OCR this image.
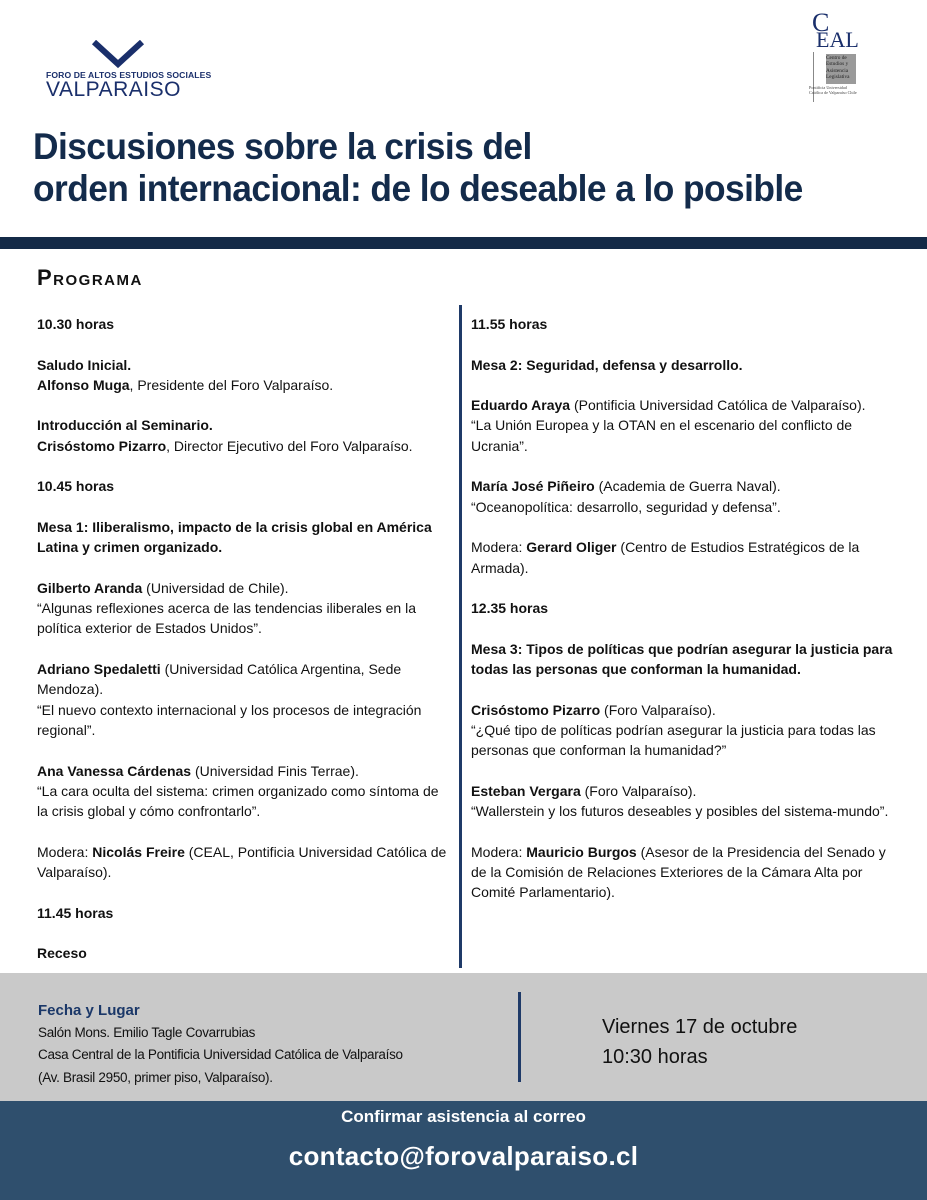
FORO DE ALTOS ESTUDIOS SOCIALES
VALPARAISO
C
EAL
Centro de Estudios y Asistencia Legislativa
Pontificia Universidad Católica de Valparaíso Chile
Discusiones sobre la crisis del
orden internacional: de lo deseable a lo posible
Programa

10.30 horas

Saludo Inicial.
Alfonso Muga, Presidente del Foro Valparaíso.

Introducción al Seminario.
Crisóstomo Pizarro, Director Ejecutivo del Foro Valparaíso.

10.45 horas

Mesa 1: Iliberalismo, impacto de la crisis global en América Latina y crimen organizado.

Gilberto Aranda (Universidad de Chile).
“Algunas reflexiones acerca de las tendencias iliberales en la política exterior de Estados Unidos”.

Adriano Spedaletti (Universidad Católica Argentina, Sede Mendoza).
“El nuevo contexto internacional y los procesos de integración regional”.

Ana Vanessa Cárdenas (Universidad Finis Terrae).
“La cara oculta del sistema: crimen organizado como síntoma de la crisis global y cómo confrontarlo”.

Modera: Nicolás Freire (CEAL, Pontificia Universidad Católica de Valparaíso).

11.45 horas

Receso

11.55 horas

Mesa 2: Seguridad, defensa y desarrollo.

Eduardo Araya (Pontificia Universidad Católica de Valparaíso).
“La Unión Europea y la OTAN en el escenario del conflicto de Ucrania”.

María José Piñeiro (Academia de Guerra Naval).
“Oceanopolítica: desarrollo, seguridad y defensa”.

Modera: Gerard Oliger (Centro de Estudios Estratégicos de la Armada).

12.35 horas

Mesa 3: Tipos de políticas que podrían asegurar la justicia para todas las personas que conforman la humanidad.

Crisóstomo Pizarro (Foro Valparaíso).
“¿Qué tipo de políticas podrían asegurar la justicia para todas las personas que conforman la humanidad?”

Esteban Vergara (Foro Valparaíso).
“Wallerstein y los futuros deseables y posibles del sistema-mundo”.

Modera: Mauricio Burgos (Asesor de la Presidencia del Senado y de la Comisión de Relaciones Exteriores de la Cámara Alta por Comité Parlamentario).

Fecha y Lugar
Salón Mons. Emilio Tagle Covarrubias
Casa Central de la Pontificia Universidad Católica de Valparaíso
(Av. Brasil 2950, primer piso, Valparaíso).
Viernes 17 de octubre
10:30 horas
Confirmar asistencia al correo
contacto@forovalparaiso.cl
